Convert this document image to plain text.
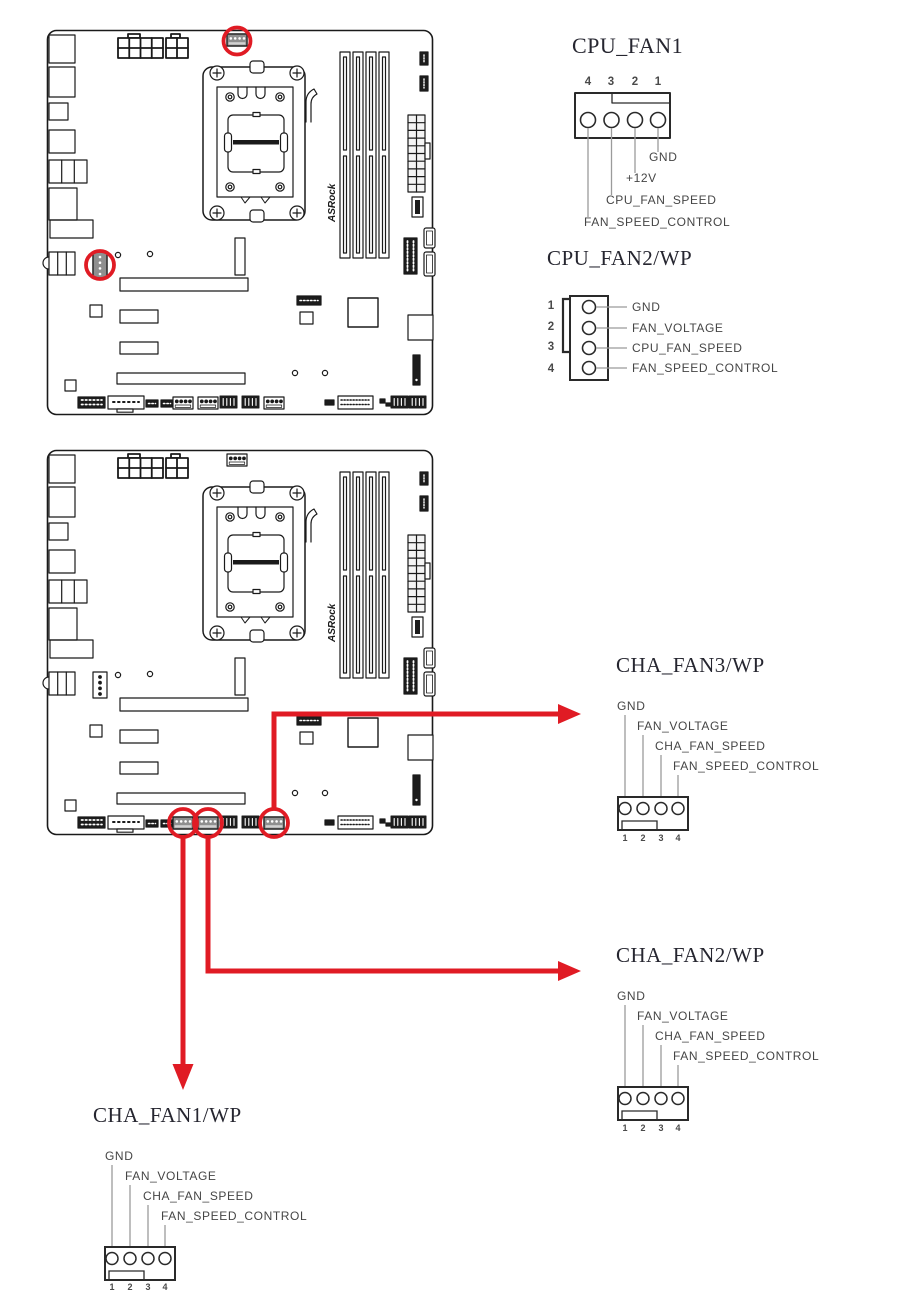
CPU_FAN1
4 3 2 1
GND
+12V
CPU_FAN_SPEED
FAN_SPEED_CONTROL
CPU_FAN2/WP
1
2
3
4
GND
FAN_VOLTAGE
CPU_FAN_SPEED
FAN_SPEED_CONTROL
CHA_FAN3/WP
GND
FAN_VOLTAGE
CHA_FAN_SPEED
FAN_SPEED_CONTROL
1 2 3 4
CHA_FAN2/WP
GND
FAN_VOLTAGE
CHA_FAN_SPEED
FAN_SPEED_CONTROL
1 2 3 4
CHA_FAN1/WP
GND
FAN_VOLTAGE
CHA_FAN_SPEED
FAN_SPEED_CONTROL
1 2 3 4
